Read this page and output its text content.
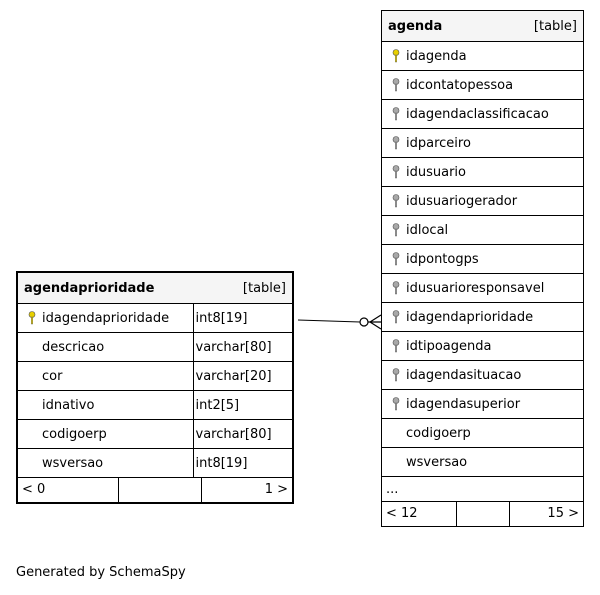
agendaprioridade	[table]
idagendaprioridade	int8[19]
descricao	varchar[80]
cor	varchar[20]
idnativo	int2[5]
codigoerp	varchar[80]
wsversao	int8[19]

< 0 1 >	
agenda	[table]

idagenda
idcontatopessoa
idagendaclassificacao
idparceiro
idusuario
idusuariogerador
idlocal
idpontogps
idusuarioresponsavel
idagendaprioridade
idtipoagenda
idagendasituacao
idagendasuperior
codigoerp
wsversao
...

< 12	15 >
Generated by SchemaSpy
